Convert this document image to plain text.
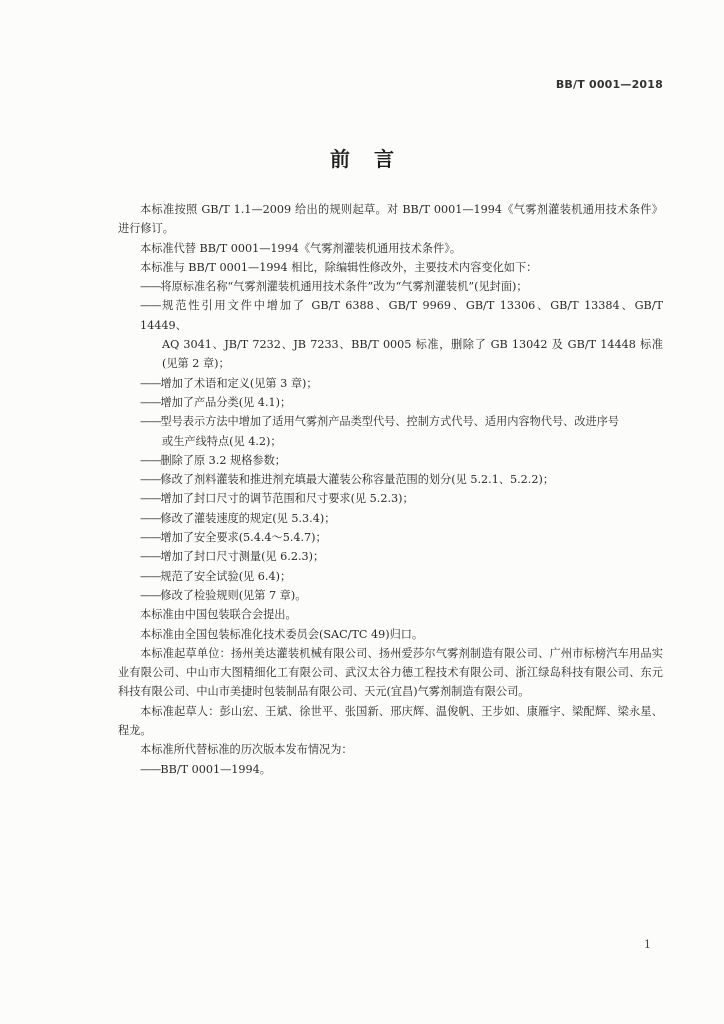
BB/T 0001—2018
前言

本标准按照 GB/T 1.1—2009 给出的规则起草。对 BB/T 0001—1994《气雾剂灌装机通用技术条件》进行修订。

本标准代替 BB/T 0001—1994《气雾剂灌装机通用技术条件》。

本标准与 BB/T 0001—1994 相比，除编辑性修改外，主要技术内容变化如下：

——将原标准名称“气雾剂灌装机通用技术条件”改为“气雾剂灌装机”(见封面)；

——规范性引用文件中增加了 GB/T 6388、GB/T 9969、GB/T 13306、GB/T 13384、GB/T 14449、
AQ 3041、JB/T 7232、JB 7233、BB/T 0005 标准，删除了 GB 13042 及 GB/T 14448 标准(见第 2 章)；

——增加了术语和定义(见第 3 章)；

——增加了产品分类(见 4.1)；

——型号表示方法中增加了适用气雾剂产品类型代号、控制方式代号、适用内容物代号、改进序号
或生产线特点(见 4.2)；

——删除了原 3.2 规格参数；

——修改了剂料灌装和推进剂充填最大灌装公称容量范围的划分(见 5.2.1、5.2.2)；

——增加了封口尺寸的调节范围和尺寸要求(见 5.2.3)；

——修改了灌装速度的规定(见 5.3.4)；

——增加了安全要求(5.4.4～5.4.7)；

——增加了封口尺寸测量(见 6.2.3)；

——规范了安全试验(见 6.4)；

——修改了检验规则(见第 7 章)。

本标准由中国包装联合会提出。

本标准由全国包装标准化技术委员会(SAC/TC 49)归口。

本标准起草单位：扬州美达灌装机械有限公司、扬州爱莎尔气雾剂制造有限公司、广州市标榜汽车用品实业有限公司、中山市大图精细化工有限公司、武汉太谷力德工程技术有限公司、浙江绿岛科技有限公司、东元科技有限公司、中山市美捷时包装制品有限公司、天元(宜昌)气雾剂制造有限公司。

本标准起草人：彭山宏、王斌、徐世平、张国新、邢庆辉、温俊帆、王步如、康雁宇、梁配辉、梁永星、程龙。

本标准所代替标准的历次版本发布情况为：

——BB/T 0001—1994。

1
